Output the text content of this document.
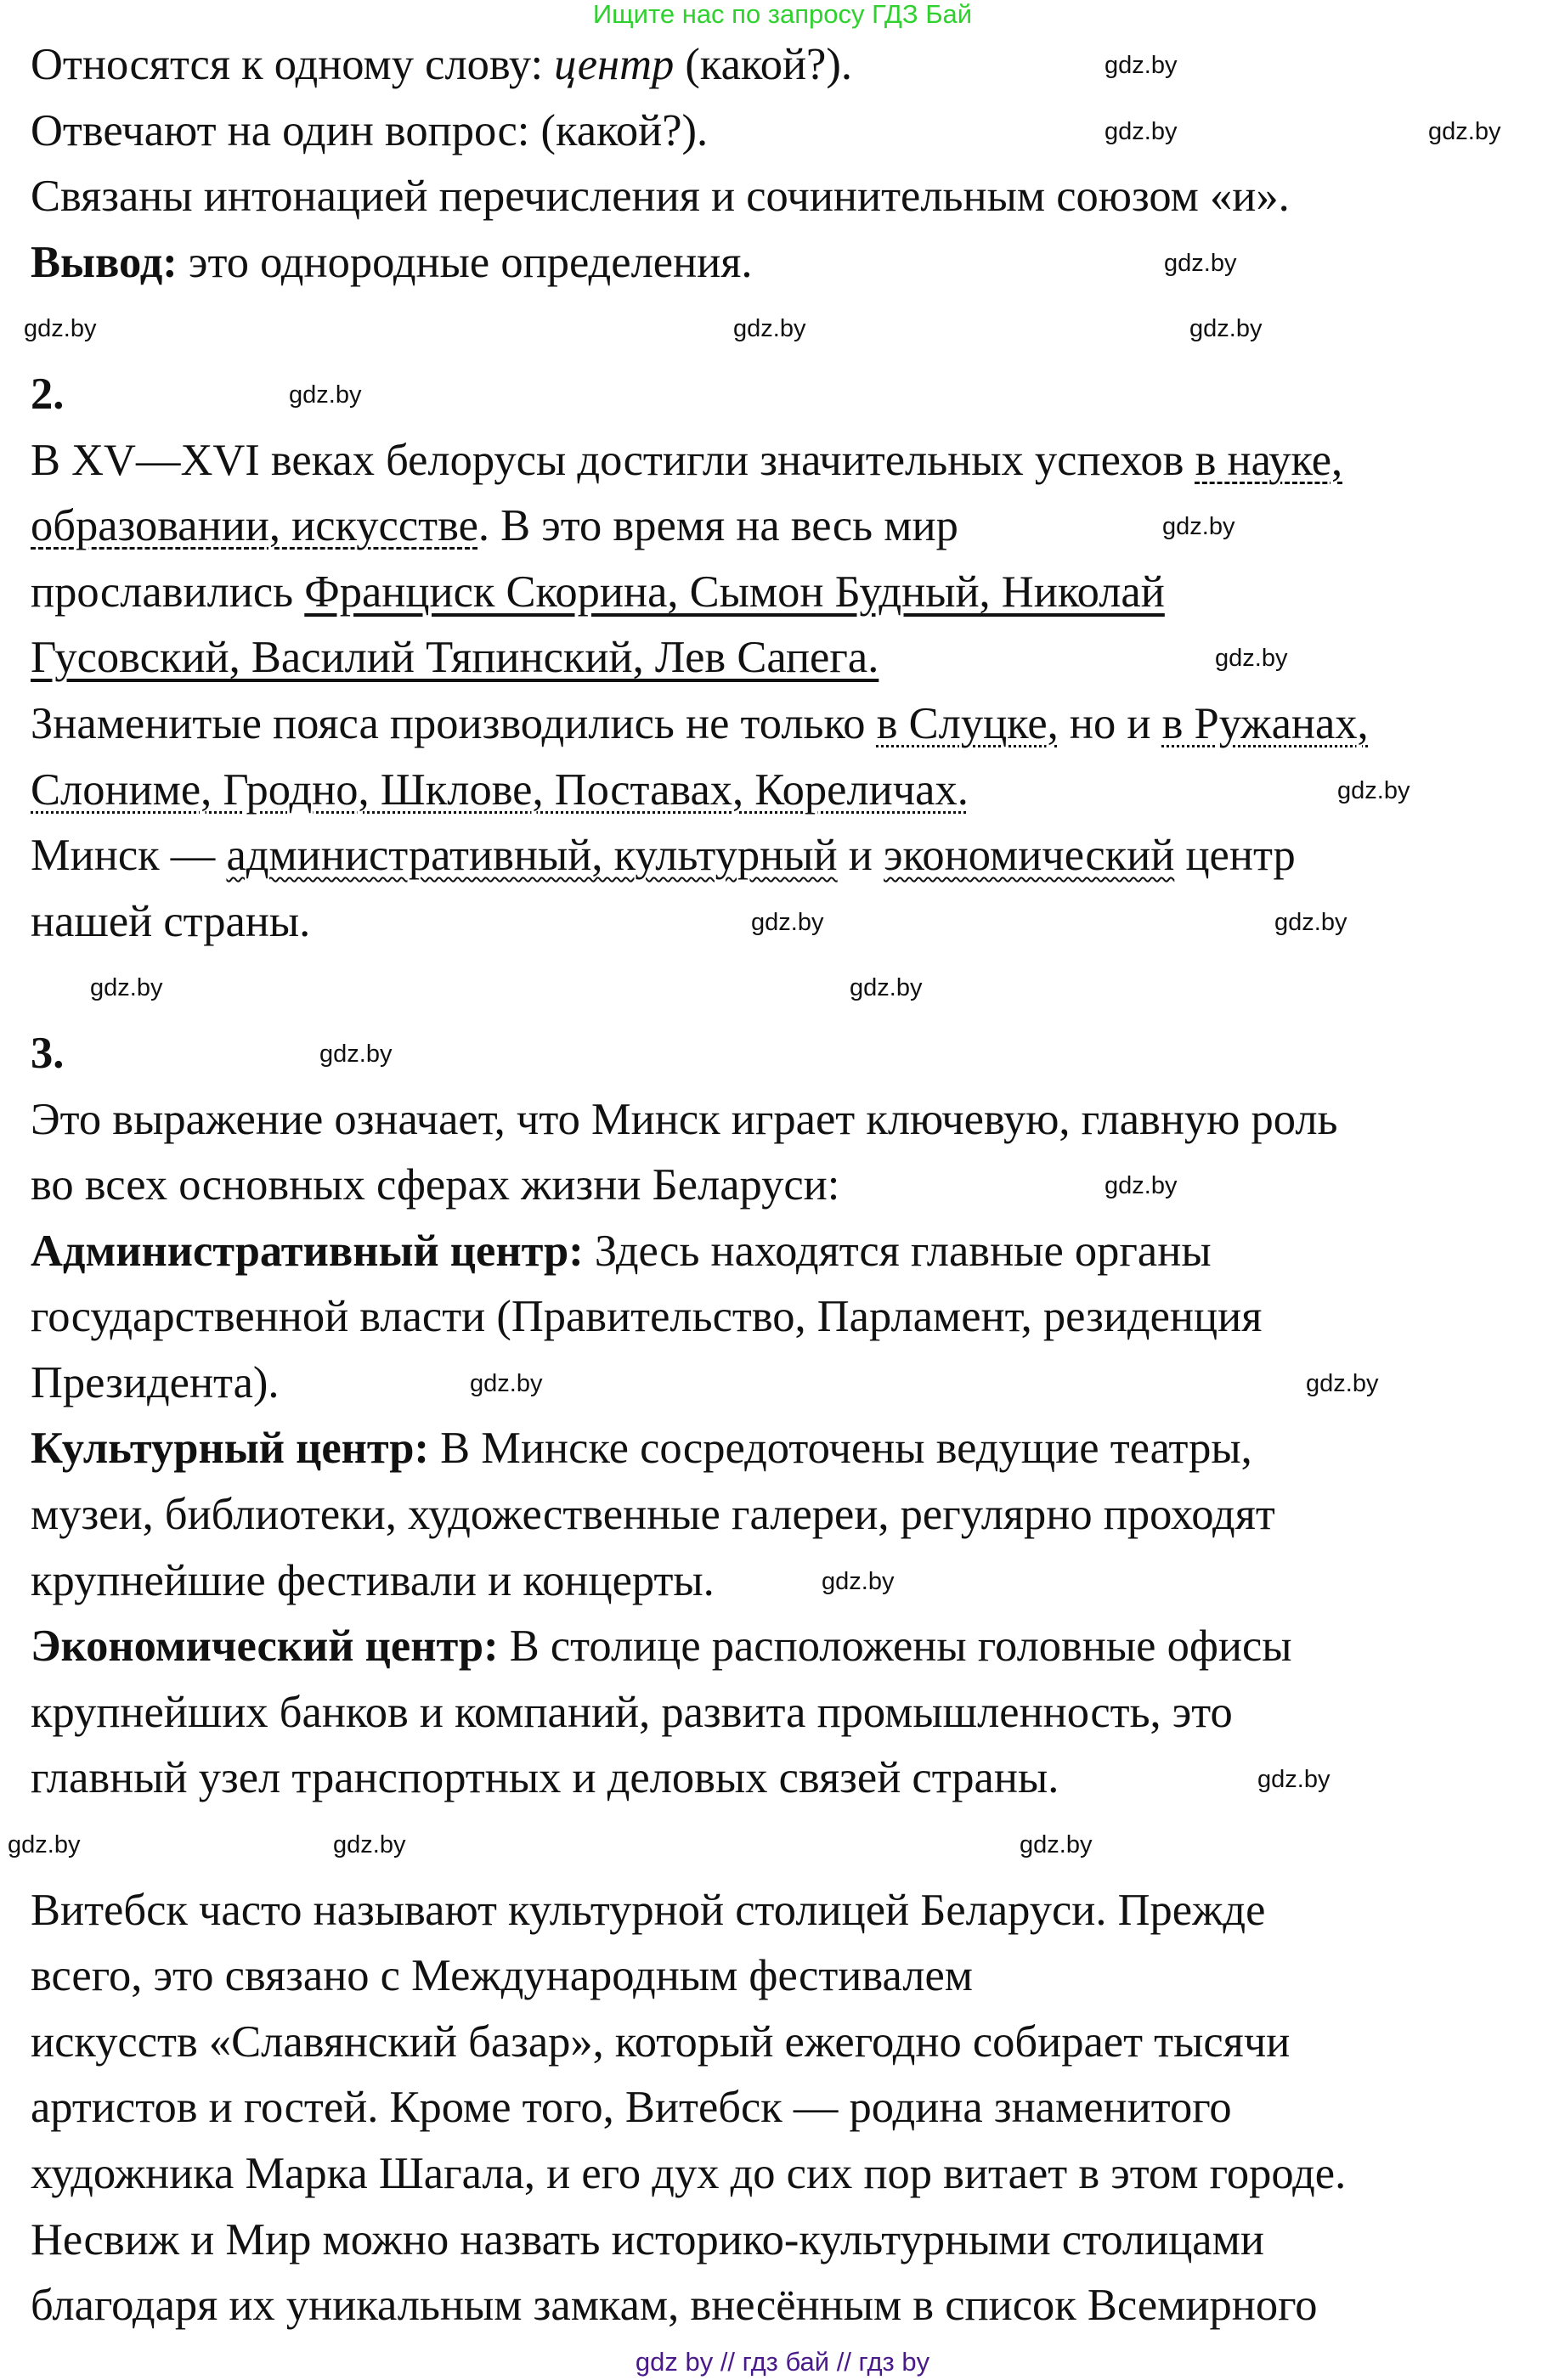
Ищите нас по запросу ГДЗ Бай
Относятся к одному слову: центр (какой?).
Отвечают на один вопрос: (какой?).
Связаны интонацией перечисления и сочинительным союзом «и».
Вывод: это однородные определения.
2.
В XV—XVI веках белорусы достигли значительных успехов в науке,
образовании, искусстве. В это время на весь мир
прославились Франциск Скорина, Сымон Будный, Николай
Гусовский, Василий Тяпинский, Лев Сапега.
Знаменитые пояса производились не только в Слуцке, но и в Ружанах,
Слониме, Гродно, Шклове, Поставах, Кореличах.
Минск — административный, культурный и экономический центр
нашей страны.
3.
Это выражение означает, что Минск играет ключевую, главную роль
во всех основных сферах жизни Беларуси:
Административный центр: Здесь находятся главные органы
государственной власти (Правительство, Парламент, резиденция
Президента).
Культурный центр: В Минске сосредоточены ведущие театры,
музеи, библиотеки, художественные галереи, регулярно проходят
крупнейшие фестивали и концерты.
Экономический центр: В столице расположены головные офисы
крупнейших банков и компаний, развита промышленность, это
главный узел транспортных и деловых связей страны.
Витебск часто называют культурной столицей Беларуси. Прежде
всего, это связано с Международным фестивалем
искусств «Славянский базар», который ежегодно собирает тысячи
артистов и гостей. Кроме того, Витебск — родина знаменитого
художника Марка Шагала, и его дух до сих пор витает в этом городе.
Несвиж и Мир можно назвать историко-культурными столицами
благодаря их уникальным замкам, внесённым в список Всемирного
gdz.by
gdz.by	gdz.by
gdz.by
gdz.by	gdz.by	gdz.by
gdz.by
gdz.by
gdz.by
gdz.by
gdz.by	gdz.by
gdz.by	gdz.by
gdz.by
gdz.by
gdz.by	gdz.by
gdz.by
gdz.by
gdz.by	gdz.by	gdz.by
gdz by // гдз бай // гдз by
